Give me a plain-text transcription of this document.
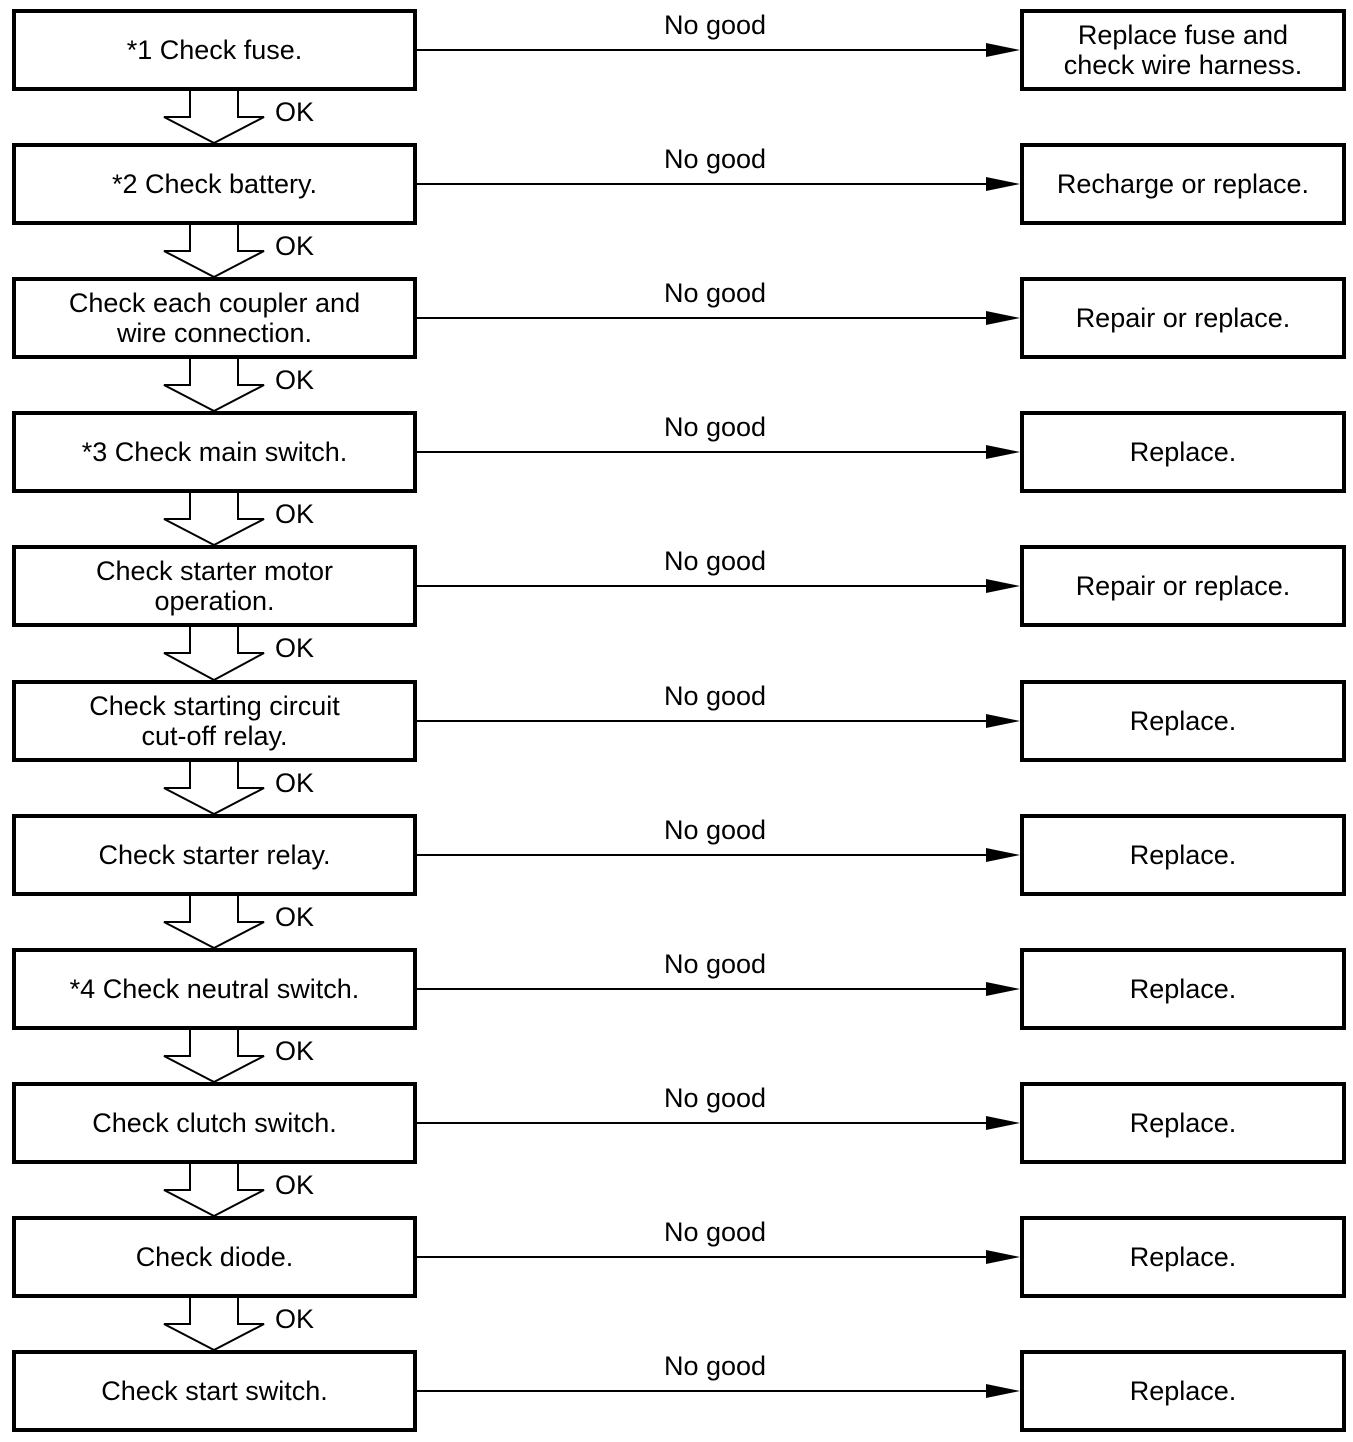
*1 Check fuse.	Replace fuse and
check wire harness.
No good
OK
*2 Check battery.	Recharge or replace.
No good
OK
Check each coupler and
wire connection.	Repair or replace.
No good
OK
*3 Check main switch.	Replace.
No good
OK
Check starter motor
operation.	Repair or replace.
No good
OK
Check starting circuit
cut-off relay.	Replace.
No good
OK
Check starter relay.	Replace.
No good
OK
*4 Check neutral switch.	Replace.
No good
OK
Check clutch switch.	Replace.
No good
OK
Check diode.	Replace.
No good
OK
Check start switch.	Replace.
No good
